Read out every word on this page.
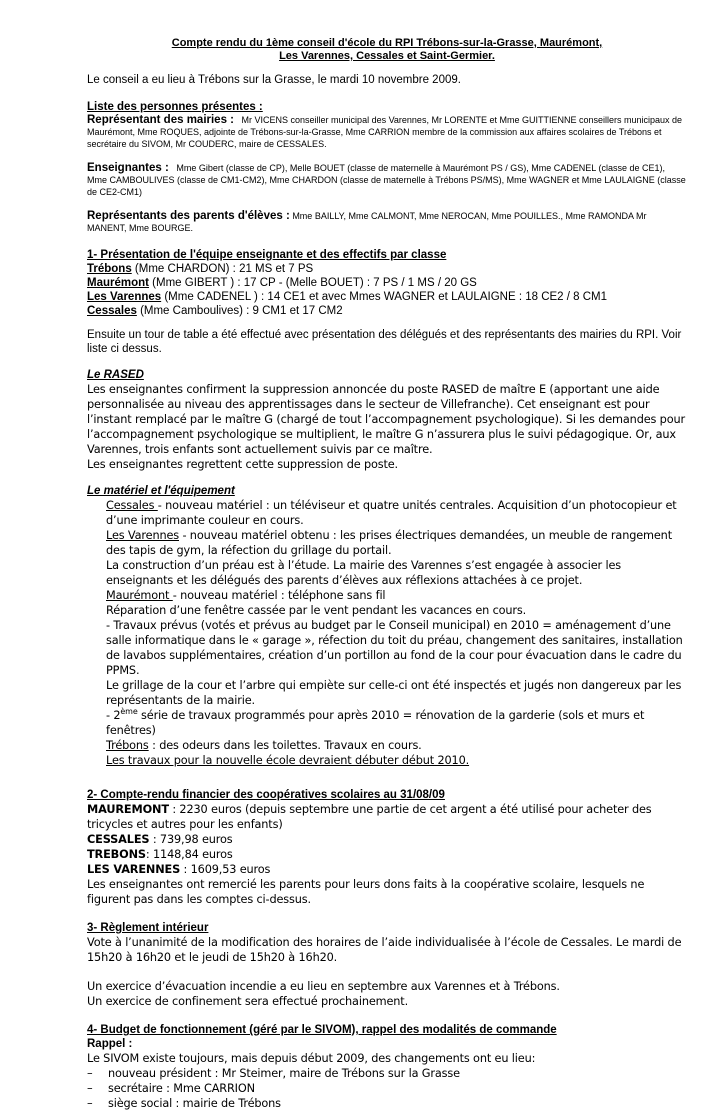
Compte rendu du 1ème conseil d'école du RPI Trébons-sur-la-Grasse, Maurémont,
Les Varennes, Cessales et Saint-Germier.
Le conseil a eu lieu à Trébons sur la Grasse, le mardi 10 novembre 2009.
Liste des personnes présentes :
Représentant des mairies : Mr VICENS conseiller municipal des Varennes, Mr LORENTE et Mme GUITTIENNE conseillers municipaux de Maurémont, Mme ROQUES, adjointe de Trébons-sur-la-Grasse, Mme CARRION membre de la commission aux affaires scolaires de Trébons et secrétaire du SIVOM, Mr COUDERC, maire de CESSALES.
Enseignantes : Mme Gibert (classe de CP), Melle BOUET (classe de maternelle à Maurémont PS / GS), Mme CADENEL (classe de CE1), Mme CAMBOULIVES (classe de CM1-CM2), Mme CHARDON (classe de maternelle à Trébons PS/MS), Mme WAGNER et Mme LAULAIGNE (classe de CE2-CM1)
Représentants des parents d'élèves : Mme BAILLY, Mme CALMONT, Mme NEROCAN, Mme POUILLES., Mme RAMONDA Mr MANENT, Mme BOURGE.
1- Présentation de l'équipe enseignante et des effectifs par classe
Trébons (Mme CHARDON) : 21 MS et 7 PS
Maurémont (Mme GIBERT ) : 17 CP - (Melle BOUET) : 7 PS / 1 MS / 20 GS
Les Varennes (Mme CADENEL ) : 14 CE1 et avec Mmes WAGNER et LAULAIGNE : 18 CE2 / 8 CM1
Cessales (Mme Camboulives) : 9 CM1 et 17 CM2
Ensuite un tour de table a été effectué avec présentation des délégués et des représentants des mairies du RPI. Voir liste ci dessus.
Le RASED
Les enseignantes confirment la suppression annoncée du poste RASED de maître E (apportant une aide personnalisée au niveau des apprentissages dans le secteur de Villefranche). Cet enseignant est pour l’instant remplacé par le maître G (chargé de tout l’accompagnement psychologique). Si les demandes pour l’accompagnement psychologique se multiplient, le maître G n’assurera plus le suivi pédagogique. Or, aux Varennes, trois enfants sont actuellement suivis par ce maître.
Les enseignantes regrettent cette suppression de poste.
Le matériel et l'équipement
Cessales - nouveau matériel : un téléviseur et quatre unités centrales. Acquisition d’un photocopieur et d’une imprimante couleur en cours.
Les Varennes - nouveau matériel obtenu : les prises électriques demandées, un meuble de rangement des tapis de gym, la réfection du grillage du portail.
La construction d’un préau est à l’étude. La mairie des Varennes s’est engagée à associer les enseignants et les délégués des parents d’élèves aux réflexions attachées à ce projet.
Maurémont - nouveau matériel : téléphone sans fil
Réparation d’une fenêtre cassée par le vent pendant les vacances en cours.
- Travaux prévus (votés et prévus au budget par le Conseil municipal) en 2010 = aménagement d’une salle informatique dans le « garage », réfection du toit du préau, changement des sanitaires, installation de lavabos supplémentaires, création d’un portillon au fond de la cour pour évacuation dans le cadre du PPMS.
Le grillage de la cour et l’arbre qui empiète sur celle-ci ont été inspectés et jugés non dangereux par les représentants de la mairie.
- 2ème série de travaux programmés pour après 2010 = rénovation de la garderie (sols et murs et fenêtres)
Trébons : des odeurs dans les toilettes. Travaux en cours.
Les travaux pour la nouvelle école devraient débuter début 2010.
2- Compte-rendu financier des coopératives scolaires au 31/08/09
MAUREMONT : 2230 euros (depuis septembre une partie de cet argent a été utilisé pour acheter des tricycles et autres pour les enfants)
CESSALES : 739,98 euros
TREBONS: 1148,84 euros
LES VARENNES : 1609,53 euros
Les enseignantes ont remercié les parents pour leurs dons faits à la coopérative scolaire, lesquels ne figurent pas dans les comptes ci-dessus.
3- Règlement intérieur
Vote à l’unanimité de la modification des horaires de l’aide individualisée à l’école de Cessales. Le mardi de 15h20 à 16h20 et le jeudi de 15h20 à 16h20.
Un exercice d’évacuation incendie a eu lieu en septembre aux Varennes et à Trébons.
Un exercice de confinement sera effectué prochainement.
4- Budget de fonctionnement (géré par le SIVOM), rappel des modalités de commande
Rappel :
Le SIVOM existe toujours, mais depuis début 2009, des changements ont eu lieu:
–	nouveau président : Mr Steimer, maire de Trébons sur la Grasse
–	secrétaire : Mme CARRION
–	siège social : mairie de Trébons
